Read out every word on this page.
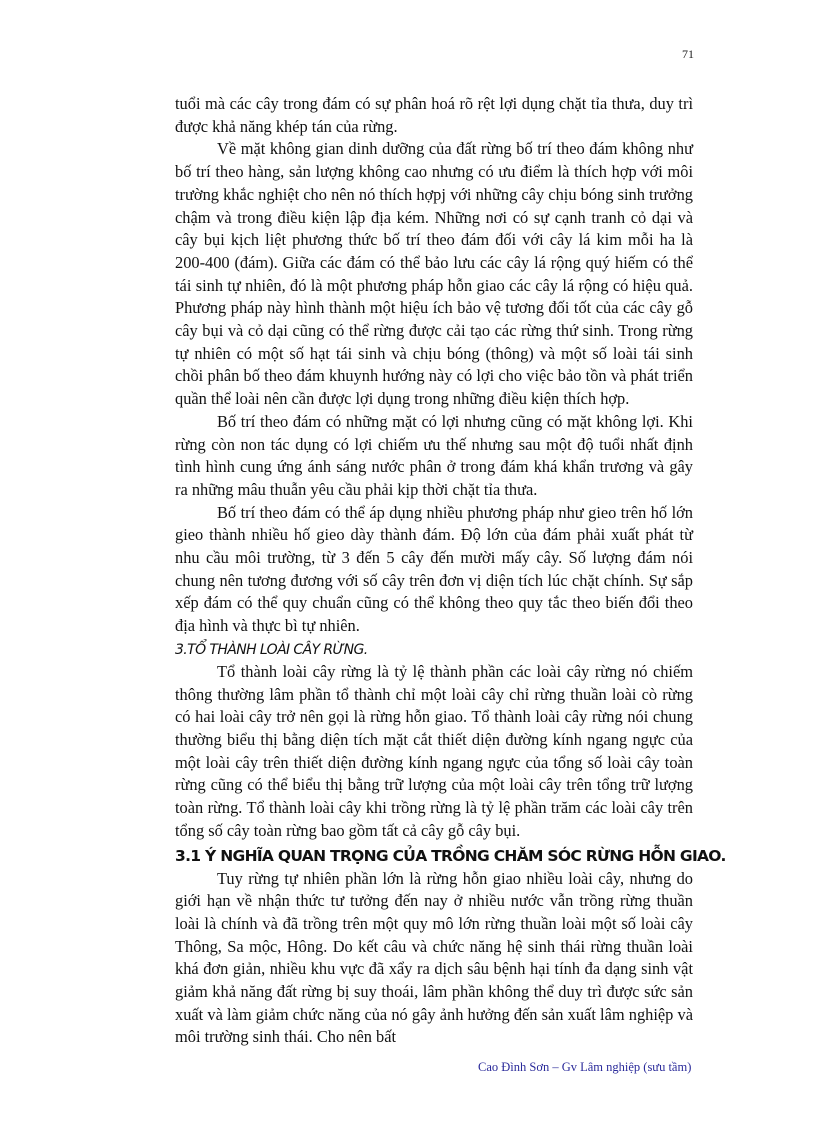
71

tuổi mà các cây trong đám có sự phân hoá rõ rệt lợi dụng chặt tỉa thưa, duy trì được khả năng khép tán của rừng.

Về mặt không gian dinh dưỡng của đất rừng bố trí theo đám không như bố trí theo hàng, sản lượng không cao nhưng có ưu điểm là thích hợp với môi trường khắc nghiệt cho nên nó thích hợpj với những cây chịu bóng sinh trưởng chậm và trong điều kiện lập địa kém. Những nơi có sự cạnh tranh cỏ dại và cây bụi kịch liệt phương thức bố trí theo đám đối với cây lá kim mỗi ha là 200-400 (đám). Giữa các đám có thể bảo lưu các cây lá rộng quý hiếm có thể tái sinh tự nhiên, đó là một phương pháp hỗn giao các cây lá rộng có hiệu quả. Phương pháp này hình thành một hiệu ích bảo vệ tương đối tốt của các cây gỗ cây bụi và cỏ dại cũng có thể rừng được cải tạo các rừng thứ sinh. Trong rừng tự nhiên có một số hạt tái sinh và chịu bóng (thông) và một số loài tái sinh chồi phân bố theo đám khuynh hướng này có lợi cho việc bảo tồn và phát triển quần thể loài nên cần được lợi dụng trong những điều kiện thích hợp.

Bố trí theo đám có những mặt có lợi nhưng cũng có mặt không lợi. Khi rừng còn non tác dụng có lợi chiếm ưu thế nhưng sau một độ tuổi nhất định tình hình cung ứng ánh sáng nước phân ở trong đám khá khẩn trương và gây ra những mâu thuẫn yêu cầu phải kịp thời chặt tỉa thưa.

Bố trí theo đám có thể áp dụng nhiều phương pháp như gieo trên hố lớn gieo thành nhiều hố gieo dày thành đám. Độ lớn của đám phải xuất phát từ nhu cầu môi trường, từ 3 đến 5 cây đến mười mấy cây. Số lượng đám nói chung nên tương đương với số cây trên đơn vị diện tích lúc chặt chính. Sự sắp xếp đám có thể quy chuẩn cũng có thể không theo quy tắc theo biến đổi theo địa hình và thực bì tự nhiên.

3.TỔ THÀNH LOÀI CÂY RỪNG.

Tổ thành loài cây rừng là tỷ lệ thành phần các loài cây rừng nó chiếm thông thường lâm phần tổ thành chỉ một loài cây chỉ rừng thuần loài cò rừng có hai loài cây trở nên gọi là rừng hỗn giao. Tổ thành loài cây rừng nói chung thường biểu thị bằng diện tích mặt cắt thiết diện đường kính ngang ngực của một loài cây trên thiết diện đường kính ngang ngực của tổng số loài cây toàn rừng cũng có thể biểu thị bằng trữ lượng của một loài cây trên tổng trữ lượng toàn rừng. Tổ thành loài cây khi trồng rừng là tỷ lệ phần trăm các loài cây trên tổng số cây toàn rừng bao gồm tất cả cây gỗ cây bụi.

3.1 Ý NGHĨA QUAN TRỌNG CỦA TRỒNG CHĂM SÓC RỪNG HỖN GIAO.

Tuy rừng tự nhiên phần lớn là rừng hỗn giao nhiều loài cây, nhưng do giới hạn về nhận thức tư tưởng đến nay ở nhiều nước vẫn trồng rừng thuần loài là chính và đã trồng trên một quy mô lớn rừng thuần loài một số loài cây Thông, Sa mộc, Hông. Do kết câu và chức năng hệ sinh thái rừng thuần loài khá đơn giản, nhiều khu vực đã xẩy ra dịch sâu bệnh hại tính đa dạng sinh vật giảm khả năng đất rừng bị suy thoái, lâm phần không thể duy trì được sức sản xuất và làm giảm chức năng của nó gây ảnh hưởng đến sản xuất lâm nghiệp và môi trường sinh thái. Cho nên bất

Cao Đình Sơn – Gv Lâm nghiệp (sưu tầm)
